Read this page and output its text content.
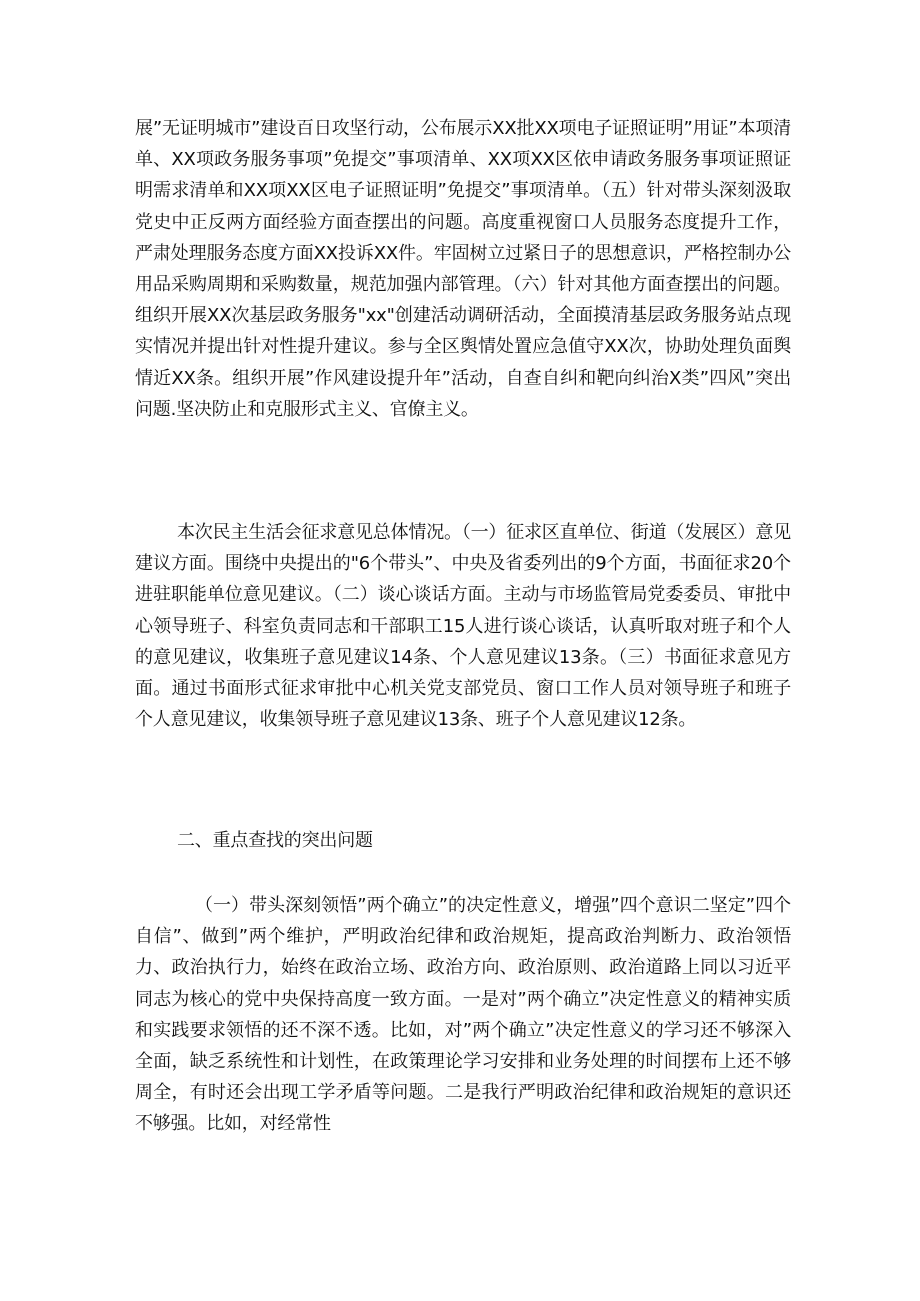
展”无证明城市”建设百日攻坚行动，公布展示XX批XX项电子证照证明”用证”本项清单、XX项政务服务事项”免提交”事项清单、XX项XX区依申请政务服务事项证照证明需求清单和XX项XX区电子证照证明”免提交”事项清单。（五）针对带头深刻汲取党史中正反两方面经验方面查摆出的问题。高度重视窗口人员服务态度提升工作，严肃处理服务态度方面XX投诉XX件。牢固树立过紧日子的思想意识，严格控制办公用品采购周期和采购数量，规范加强内部管理。（六）针对其他方面查摆出的问题。组织开展XX次基层政务服务"xx"创建活动调研活动，全面摸清基层政务服务站点现实情况并提出针对性提升建议。参与全区舆情处置应急值守XX次，协助处理负面舆情近XX条。组织开展”作风建设提升年”活动，自查自纠和靶向纠治X类”四风”突出问题.坚决防止和克服形式主义、官僚主义。

本次民主生活会征求意见总体情况。（一）征求区直单位、街道（发展区）意见建议方面。围绕中央提出的"6个带头”、中央及省委列出的9个方面，书面征求20个进驻职能单位意见建议。（二）谈心谈话方面。主动与市场监管局党委委员、审批中心领导班子、科室负责同志和干部职工15人进行谈心谈话，认真听取对班子和个人的意见建议，收集班子意见建议14条、个人意见建议13条。（三）书面征求意见方面。通过书面形式征求审批中心机关党支部党员、窗口工作人员对领导班子和班子个人意见建议，收集领导班子意见建议13条、班子个人意见建议12条。

二、重点查找的突出问题

（一）带头深刻领悟”两个确立”的决定性意义，增强”四个意识二坚定”四个自信”、做到”两个维护，严明政治纪律和政治规矩，提高政治判断力、政治领悟力、政治执行力，始终在政治立场、政治方向、政治原则、政治道路上同以习近平同志为核心的党中央保持高度一致方面。一是对”两个确立”决定性意义的精神实质和实践要求领悟的还不深不透。比如，对”两个确立”决定性意义的学习还不够深入全面，缺乏系统性和计划性，在政策理论学习安排和业务处理的时间摆布上还不够周全，有时还会出现工学矛盾等问题。二是我行严明政治纪律和政治规矩的意识还不够强。比如，对经常性
